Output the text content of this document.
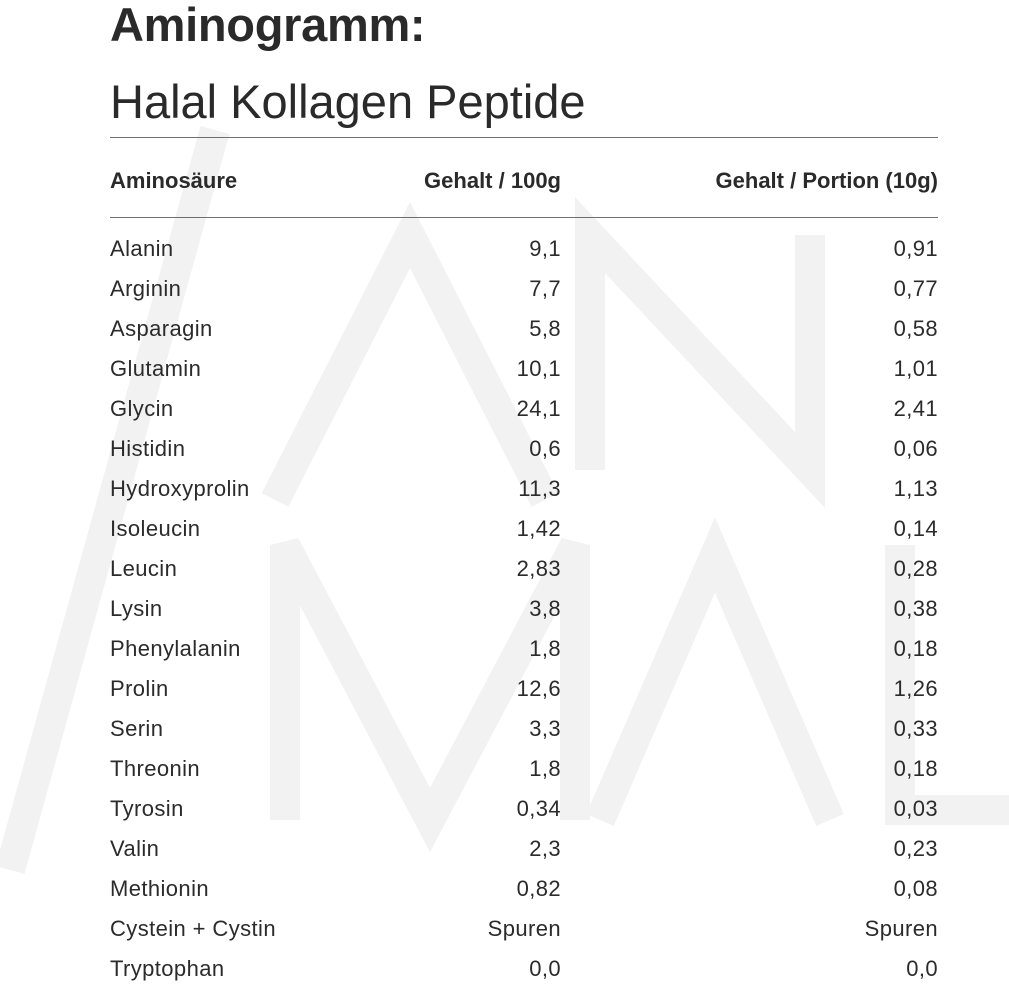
Aminogramm:
Halal Kollagen Peptide
Aminosäure	Gehalt / 100g	Gehalt / Portion (10g)
Alanin	9,1	0,91
Arginin	7,7	0,77
Asparagin	5,8	0,58
Glutamin	10,1	1,01
Glycin	24,1	2,41
Histidin	0,6	0,06
Hydroxyprolin	11,3	1,13
Isoleucin	1,42	0,14
Leucin	2,83	0,28
Lysin	3,8	0,38
Phenylalanin	1,8	0,18
Prolin	12,6	1,26
Serin	3,3	0,33
Threonin	1,8	0,18
Tyrosin	0,34	0,03
Valin	2,3	0,23
Methionin	0,82	0,08
Cystein + Cystin	Spuren	Spuren
Tryptophan	0,0	0,0
